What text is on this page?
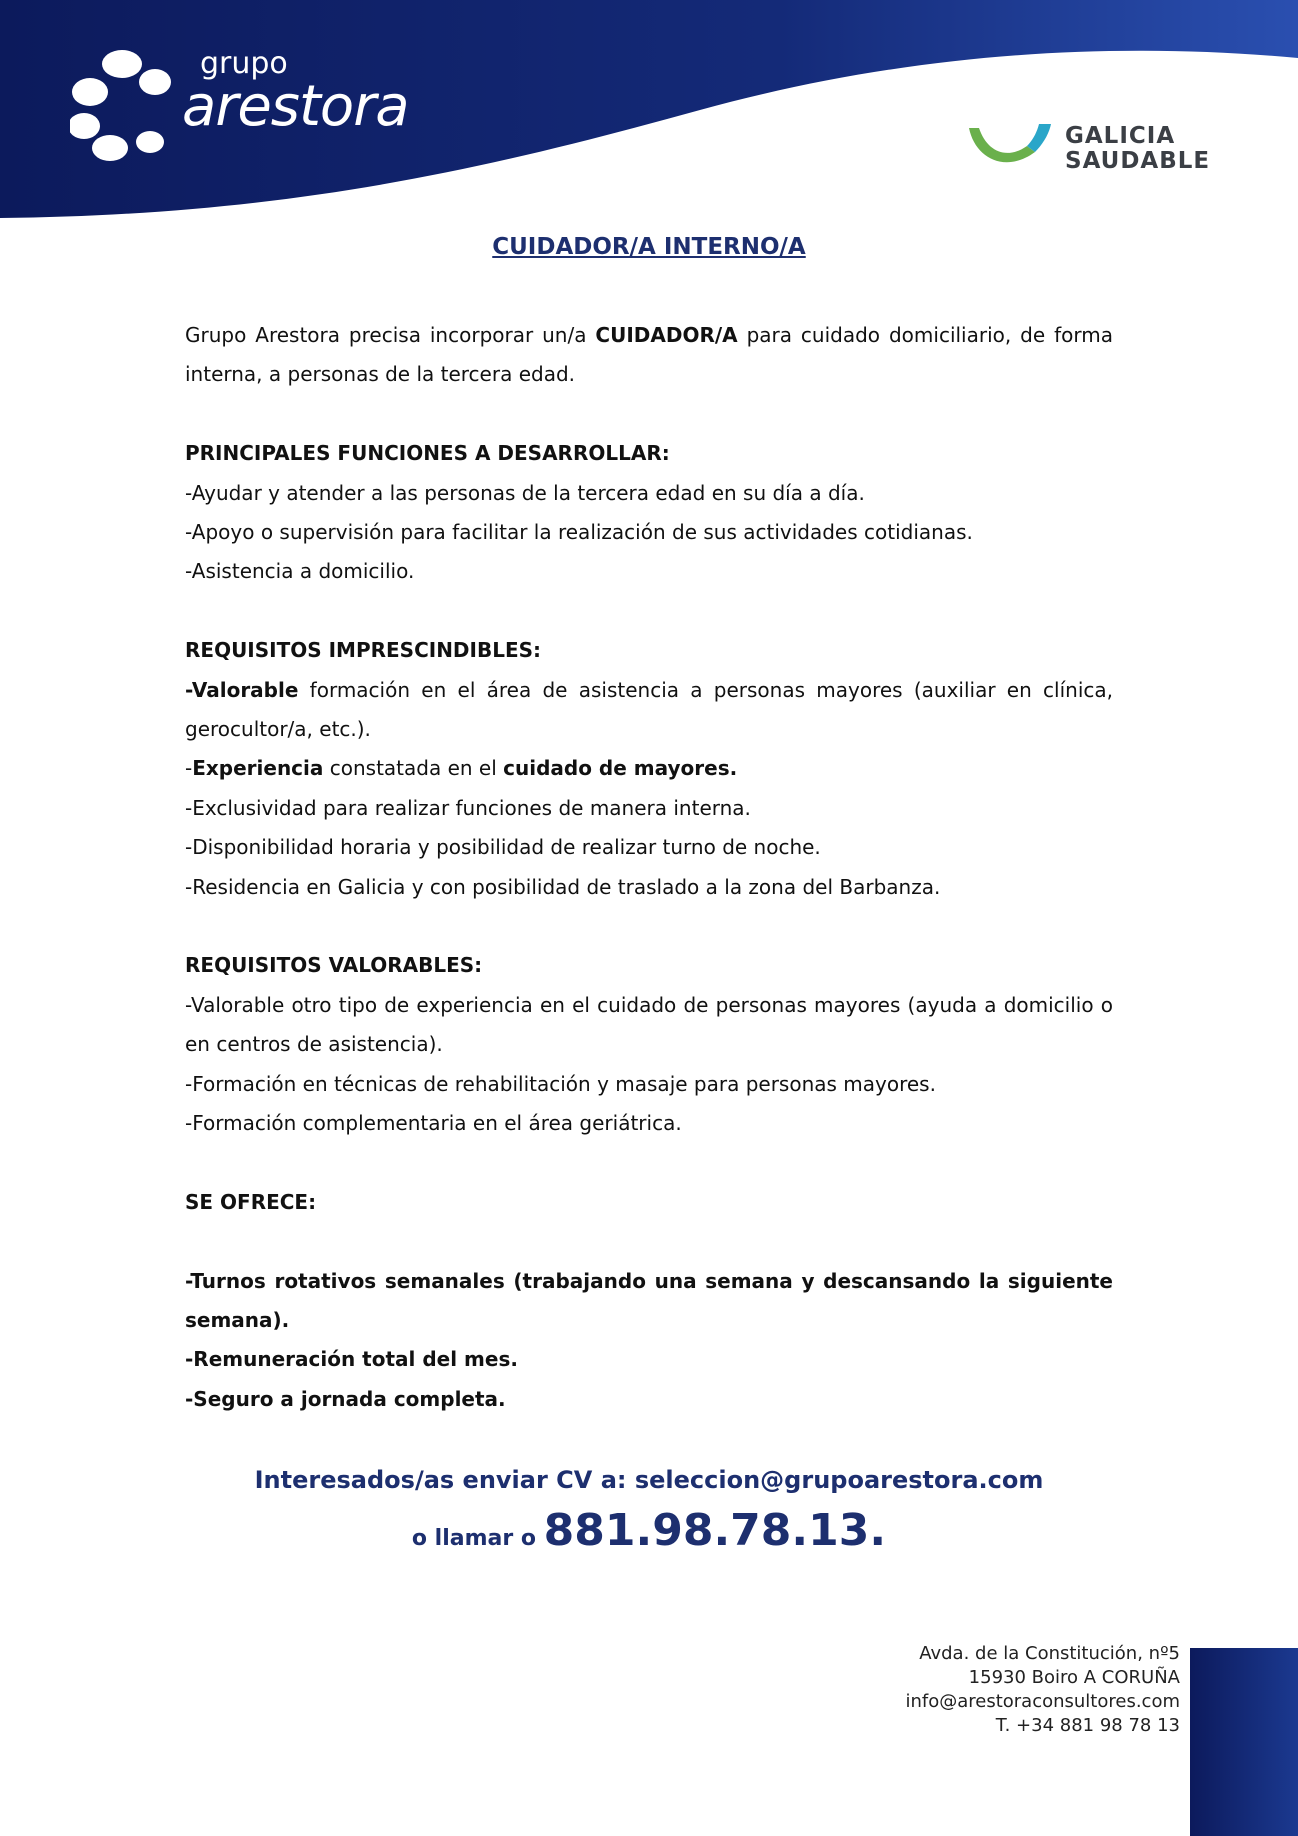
grupo
arestora	GALICIA
SAUDABLE
CUIDADOR/A INTERNO/A

Grupo Arestora precisa incorporar un/a CUIDADOR/A para cuidado domiciliario, de forma interna, a personas de la tercera edad.

PRINCIPALES FUNCIONES A DESARROLLAR:

-Ayudar y atender a las personas de la tercera edad en su día a día.

-Apoyo o supervisión para facilitar la realización de sus actividades cotidianas.

-Asistencia a domicilio.

REQUISITOS IMPRESCINDIBLES:

-Valorable formación en el área de asistencia a personas mayores (auxiliar en clínica, gerocultor/a, etc.).

-Experiencia constatada en el cuidado de mayores.

-Exclusividad para realizar funciones de manera interna.

-Disponibilidad horaria y posibilidad de realizar turno de noche.

-Residencia en Galicia y con posibilidad de traslado a la zona del Barbanza.

REQUISITOS VALORABLES:

-Valorable otro tipo de experiencia en el cuidado de personas mayores (ayuda a domicilio o en centros de asistencia).

-Formación en técnicas de rehabilitación y masaje para personas mayores.

-Formación complementaria en el área geriátrica.

SE OFRECE:

-Turnos rotativos semanales (trabajando una semana y descansando la siguiente semana).

-Remuneración total del mes.

-Seguro a jornada completa.

Interesados/as enviar CV a: seleccion@grupoarestora.com
o llamar o 881.98.78.13.
Avda. de la Constitución, nº5
15930 Boiro A CORUÑA
info@arestoraconsultores.com
T. +34 881 98 78 13
